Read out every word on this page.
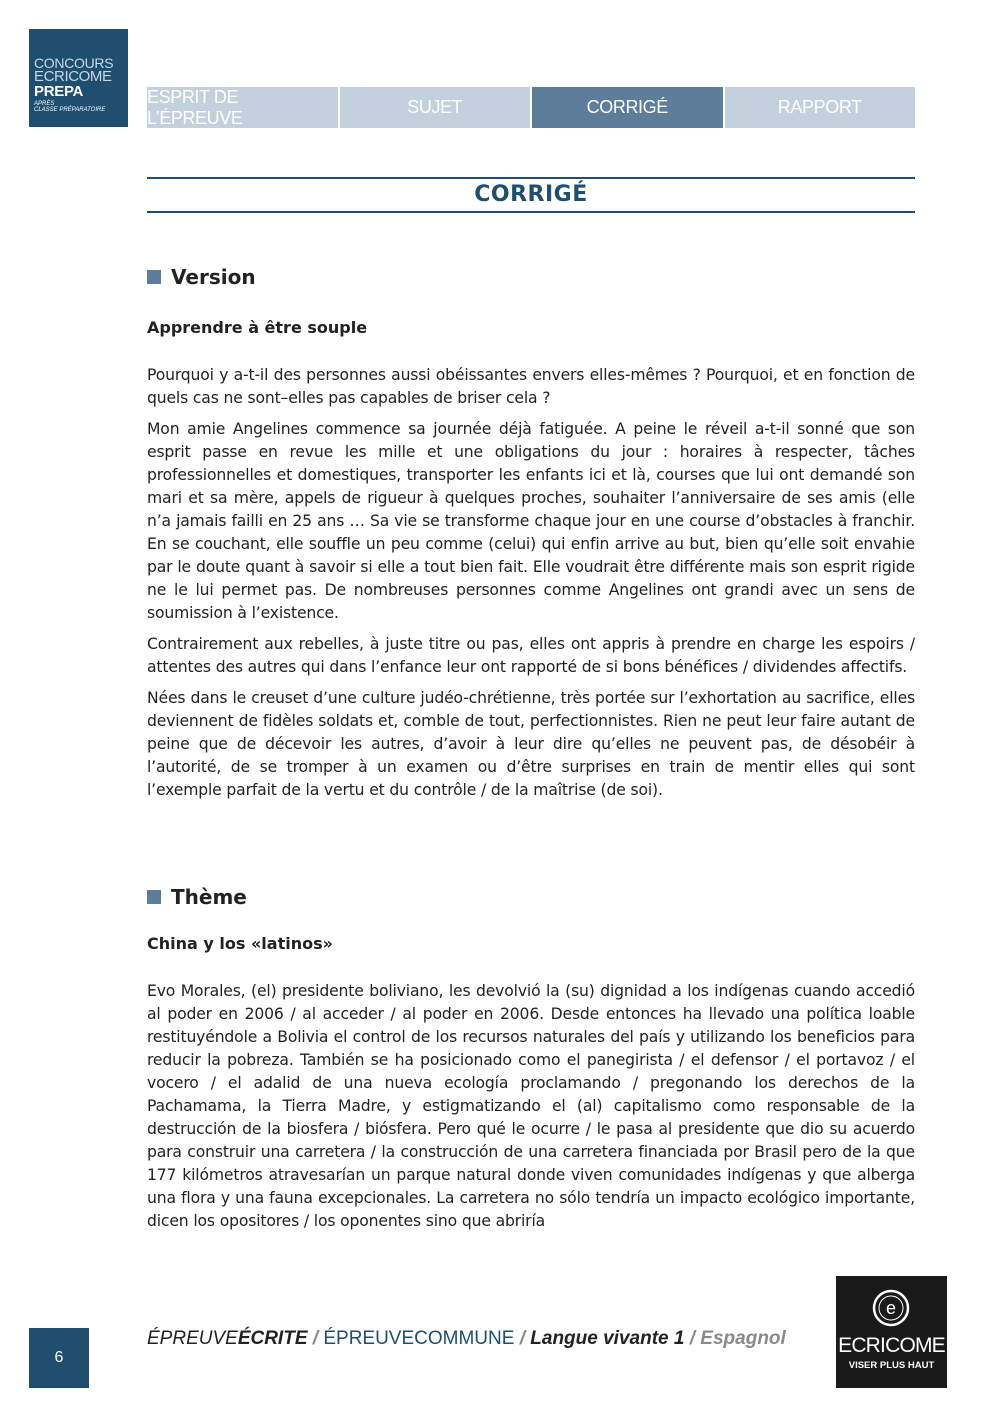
CONCOURS
ECRICOME
PREPA
APRÈS
CLASSE PRÉPARATOIRE
ESPRIT DE L’ÉPREUVE
SUJET	CORRIGÉ	RAPPORT
CORRIGÉ
Version
Apprendre à être souple

Pourquoi y a-t-il des personnes aussi obéissantes envers elles-mêmes ? Pourquoi, et en fonction de quels cas ne sont–elles pas capables de briser cela ?

Mon amie Angelines commence sa journée déjà fatiguée. A peine le réveil a-t-il sonné que son esprit passe en revue les mille et une obligations du jour : horaires à respecter, tâches professionnelles et domestiques, transporter les enfants ici et là, courses que lui ont demandé son mari et sa mère, appels de rigueur à quelques proches, souhaiter l’anniversaire de ses amis (elle n’a jamais failli en 25 ans … Sa vie se transforme chaque jour en une course d’obstacles à franchir. En se couchant, elle souffle un peu comme (celui) qui enfin arrive au but, bien qu’elle soit envahie par le doute quant à savoir si elle a tout bien fait. Elle voudrait être différente mais son esprit rigide ne le lui permet pas. De nombreuses personnes comme Angelines ont grandi avec un sens de soumission à l’existence.

Contrairement aux rebelles, à juste titre ou pas, elles ont appris à prendre en charge les espoirs / attentes des autres qui dans l’enfance leur ont rapporté de si bons bénéfices / dividendes affectifs.

Nées dans le creuset d’une culture judéo-chrétienne, très portée sur l’exhortation au sacrifice, elles deviennent de fidèles soldats et, comble de tout, perfectionnistes. Rien ne peut leur faire autant de peine que de décevoir les autres, d’avoir à leur dire qu’elles ne peuvent pas, de désobéir à l’autorité, de se tromper à un examen ou d’être surprises en train de mentir elles qui sont l’exemple parfait de la vertu et du contrôle / de la maîtrise (de soi).

Thème
China y los «latinos»

Evo Morales, (el) presidente boliviano, les devolvió la (su) dignidad a los indígenas cuando accedió al poder en 2006 / al acceder / al poder en 2006. Desde entonces ha llevado una política loable restituyéndole a Bolivia el control de los recursos naturales del país y utilizando los beneficios para reducir la pobreza. También se ha posicionado como el panegirista / el defensor / el portavoz / el vocero / el adalid de una nueva ecología proclamando / pregonando los derechos de la Pachamama, la Tierra Madre, y estigmatizando el (al) capitalismo como responsable de la destrucción de la biosfera / biósfera. Pero qué le ocurre / le pasa al presidente que dio su acuerdo para construir una carretera / la construcción de una carretera financiada por Brasil pero de la que 177 kilómetros atravesarían un parque natural donde viven comunidades indígenas y que alberga una flora y una fauna excepcionales. La carretera no sólo tendría un impacto ecológico importante, dicen los opositores / los oponentes sino que abriría

6
ÉPREUVEÉCRITE / ÉPREUVECOMMUNE / Langue vivante 1 / Espagnol
e
ECRICOME
VISER PLUS HAUT
